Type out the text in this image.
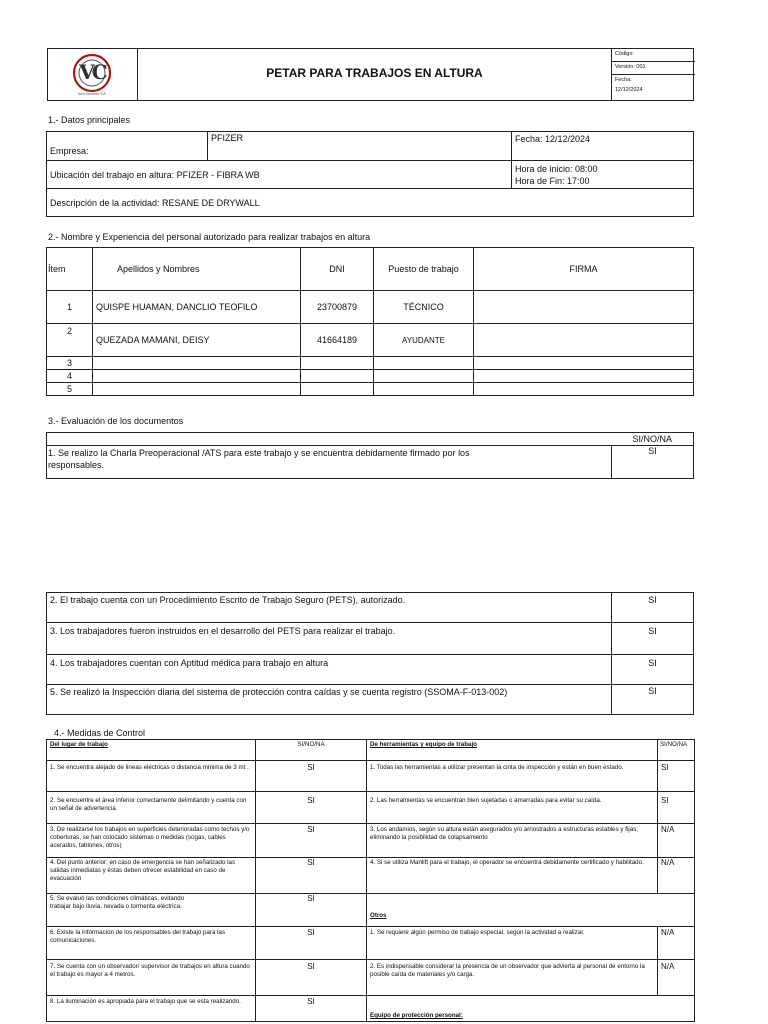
VC
Tech Services S.A.
PETAR PARA TRABAJOS EN ALTURA
Código:
Versión: 001
Fecha:
12/12/2024
1.- Datos principales
Empresa:	PFIZER	Fecha: 12/12/2024
Ubicación del trabajo en altura: PFIZER - FIBRA WB		Hora de inicio: 08:00
Hora de Fin: 17:00

Descripción de la actividad: RESANE DE DRYWALL		
2.- Nombre y Experiencia del personal autorizado para realizar trabajos en altura
Ítem	Apellidos y Nombres	DNI	Puesto de trabajo	FIRMA
1	QUISPE HUAMAN, DANCLIO TEOFILO	23700879	TÉCNICO	
2	QUEZADA MAMANI, DEISY	41664189	AYUDANTE	
3				
4				
5				
3.- Evaluación de los documentos
	SI/NO/NA
1. Se realizo la Charla Preoperacional /ATS para este trabajo y se encuentra debidamente firmado por los responsables.	SI
2. El trabajo cuenta con un Procedimiento Escrito de Trabajo Seguro (PETS), autorizado.	SI
3. Los trabajadores fueron instruidos en el desarrollo del PETS para realizar el trabajo.	SI
4. Los trabajadores cuentan con Aptitud médica para trabajo en altura	SI
5. Se realizó la Inspección diaria del sistema de protección contra caídas y se cuenta registro (SSOMA-F-013-002)	SI
4.- Medidas de Control
Del lugar de trabajo	SI/NO/NA	De herramientas y equipo de trabajo	SI/NO/NA
1. Se encuentra alejado de lineas eléctricas o distancia mínima de 3 mt .	SI	1. Todas las herramientas a utilizar presentan la cinta de inspección y están en buen estado.	SI
2. Se encuentre el área inferior correctamente delimitando y cuenta con un señal de advertencia.	SI	2. Las herramientas se encuentran bien sujetadas o amarradas para evitar su caída.	SI
3. De realizarse los trabajos en superficies deterioradas como techos y/o coberturas, se han colocado sistemas o medidas (sogas, cables acerados, tablones, otros)	SI	3. Los andamios, según su altura están asegurados y/o arriostrados a estructuras estables y fijas, eliminando la posibilidad de colapsamiento	N/A
4. Del punto anterior; en caso de emergencia se han señalizado las salidas inmediatas y éstas deben ofrecer estabilidad en caso de evacuación	SI	4. Si se utiliza Manlift para el trabajo, el operador se encuentra debidamente certificado y habilitado.	N/A
5. Se evaluó las condiciones climáticas, evitando trabajar bajo lluvia, nevada o tormenta eléctrica.	SI	Otros	
6. Existe la información de los responsables del trabajo para las comunicaciones.	SI	1. Se requiere algún permiso de trabajo especial, según la actividad a realizar.	N/A
7. Se cuenta con un observador/ supervisor de trabajos en altura cuando el trabajo es mayor a 4 metros.	SI	2. Es indispensable considerar la presencia de un observador que advierta al personal de entorno la posible caída de materiales y/o carga.	N/A
8. La iluminación es apropiada para el trabajo que se esta realizando.	SI	Equipo de protección personal:	
